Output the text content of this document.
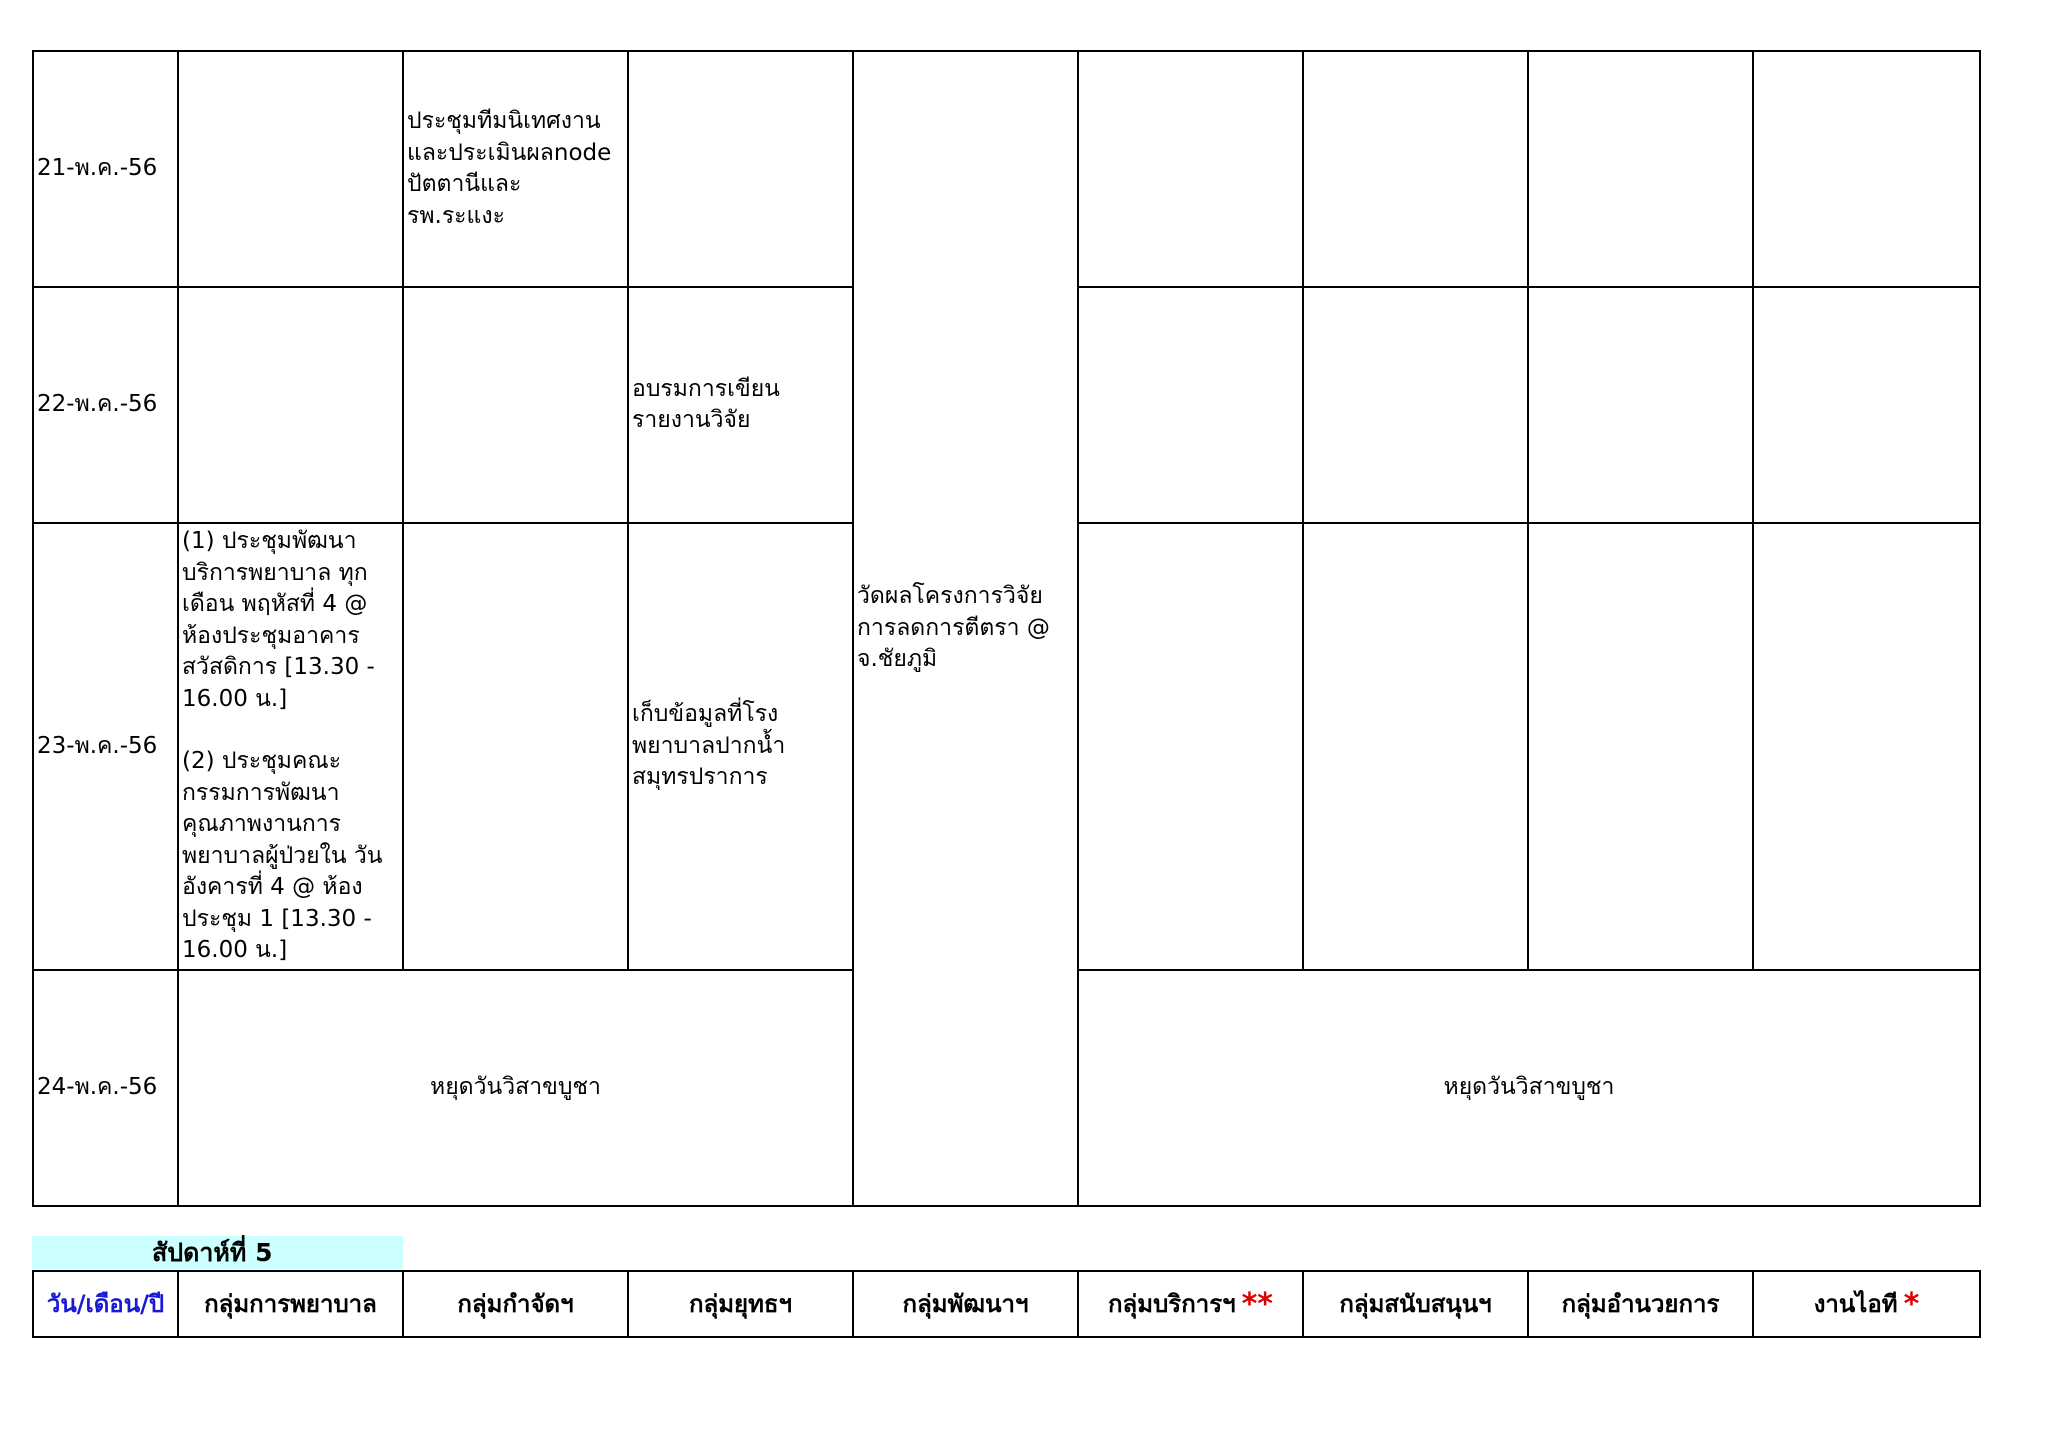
21-พ.ค.-56		ประชุมทีมนิเทศงานและประเมินผลnode ปัตตานีและ รพ.ระแงะ		วัดผลโครงการวิจัยการลดการตีตรา @ จ.ชัยภูมิ				
22-พ.ค.-56			อบรมการเขียนรายงานวิจัย					
23-พ.ค.-56	(1) ประชุมพัฒนาบริการพยาบาล ทุกเดือน พฤหัสที่ 4 @ ห้องประชุมอาคารสวัสดิการ [13.30 - 16.00 น.]
(2) ประชุมคณะกรรมการพัฒนาคุณภาพงานการพยาบาลผู้ป่วยใน วันอังคารที่ 4 @ ห้องประชุม 1 [13.30 - 16.00 น.]		เก็บข้อมูลที่โรงพยาบาลปากน้ำสมุทรปราการ					
24-พ.ค.-56	หยุดวันวิสาขบูชา				หยุดวันวิสาขบูชา			
สัปดาห์ที่ 5
วัน/เดือน/ปี	กลุ่มการพยาบาล	กลุ่มกำจัดฯ	กลุ่มยุทธฯ	กลุ่มพัฒนาฯ	กลุ่มบริการฯ **	กลุ่มสนับสนุนฯ	กลุ่มอำนวยการ	งานไอที *
